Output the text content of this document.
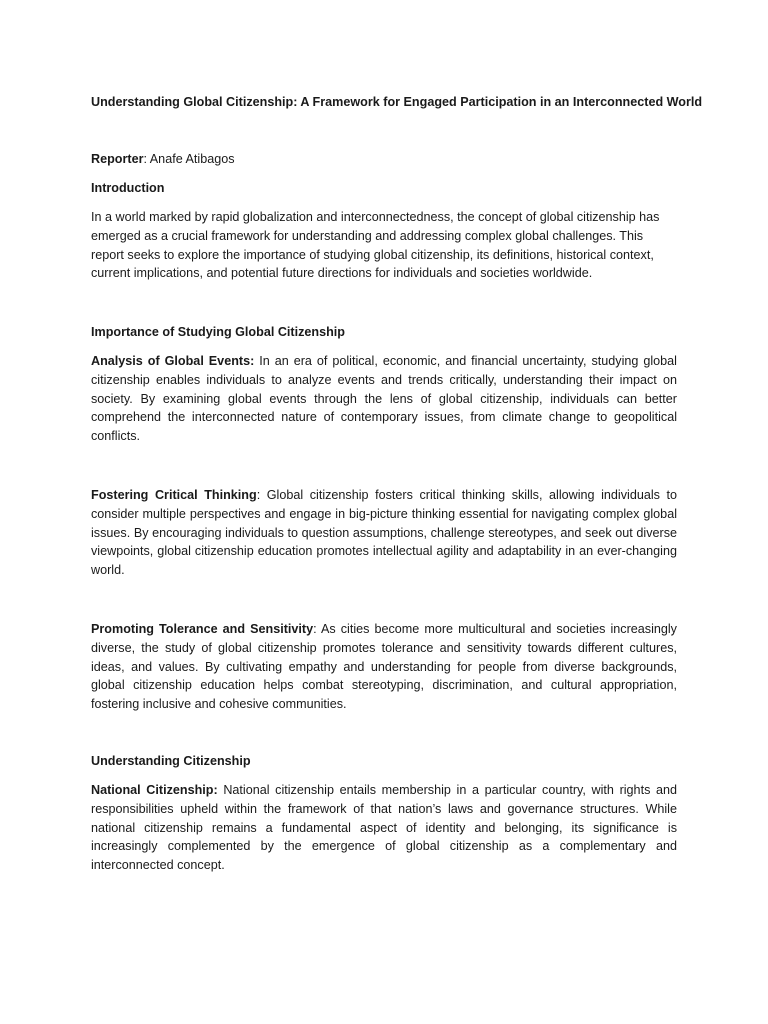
Understanding Global Citizenship: A Framework for Engaged Participation in an Interconnected World

Reporter: Anafe Atibagos

Introduction

In a world marked by rapid globalization and interconnectedness, the concept of global citizenship has emerged as a crucial framework for understanding and addressing complex global challenges. This report seeks to explore the importance of studying global citizenship, its definitions, historical context, current implications, and potential future directions for individuals and societies worldwide.

Importance of Studying Global Citizenship

Analysis of Global Events: In an era of political, economic, and financial uncertainty, studying global citizenship enables individuals to analyze events and trends critically, understanding their impact on society. By examining global events through the lens of global citizenship, individuals can better comprehend the interconnected nature of contemporary issues, from climate change to geopolitical conflicts.

Fostering Critical Thinking: Global citizenship fosters critical thinking skills, allowing individuals to consider multiple perspectives and engage in big-picture thinking essential for navigating complex global issues. By encouraging individuals to question assumptions, challenge stereotypes, and seek out diverse viewpoints, global citizenship education promotes intellectual agility and adaptability in an ever-changing world.

Promoting Tolerance and Sensitivity: As cities become more multicultural and societies increasingly diverse, the study of global citizenship promotes tolerance and sensitivity towards different cultures, ideas, and values. By cultivating empathy and understanding for people from diverse backgrounds, global citizenship education helps combat stereotyping, discrimination, and cultural appropriation, fostering inclusive and cohesive communities.

Understanding Citizenship

National Citizenship: National citizenship entails membership in a particular country, with rights and responsibilities upheld within the framework of that nation’s laws and governance structures. While national citizenship remains a fundamental aspect of identity and belonging, its significance is increasingly complemented by the emergence of global citizenship as a complementary and interconnected concept.
